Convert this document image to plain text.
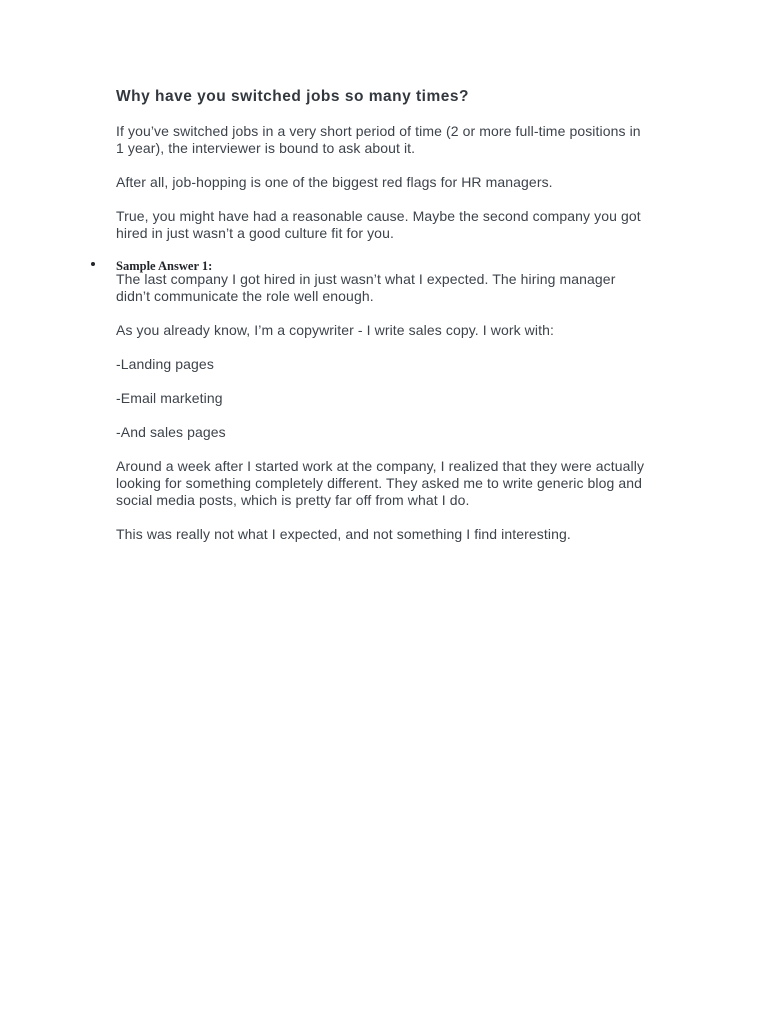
Why have you switched jobs so many times?

If you’ve switched jobs in a very short period of time (2 or more full-time positions in 1 year), the interviewer is bound to ask about it.

After all, job-hopping is one of the biggest red flags for HR managers.

True, you might have had a reasonable cause. Maybe the second company you got hired in just wasn’t a good culture fit for you.

Sample Answer 1:

The last company I got hired in just wasn’t what I expected. The hiring manager didn’t communicate the role well enough.

As you already know, I’m a copywriter - I write sales copy. I work with:

-Landing pages

-Email marketing

-And sales pages

Around a week after I started work at the company, I realized that they were actually looking for something completely different. They asked me to write generic blog and social media posts, which is pretty far off from what I do.

This was really not what I expected, and not something I find interesting.
